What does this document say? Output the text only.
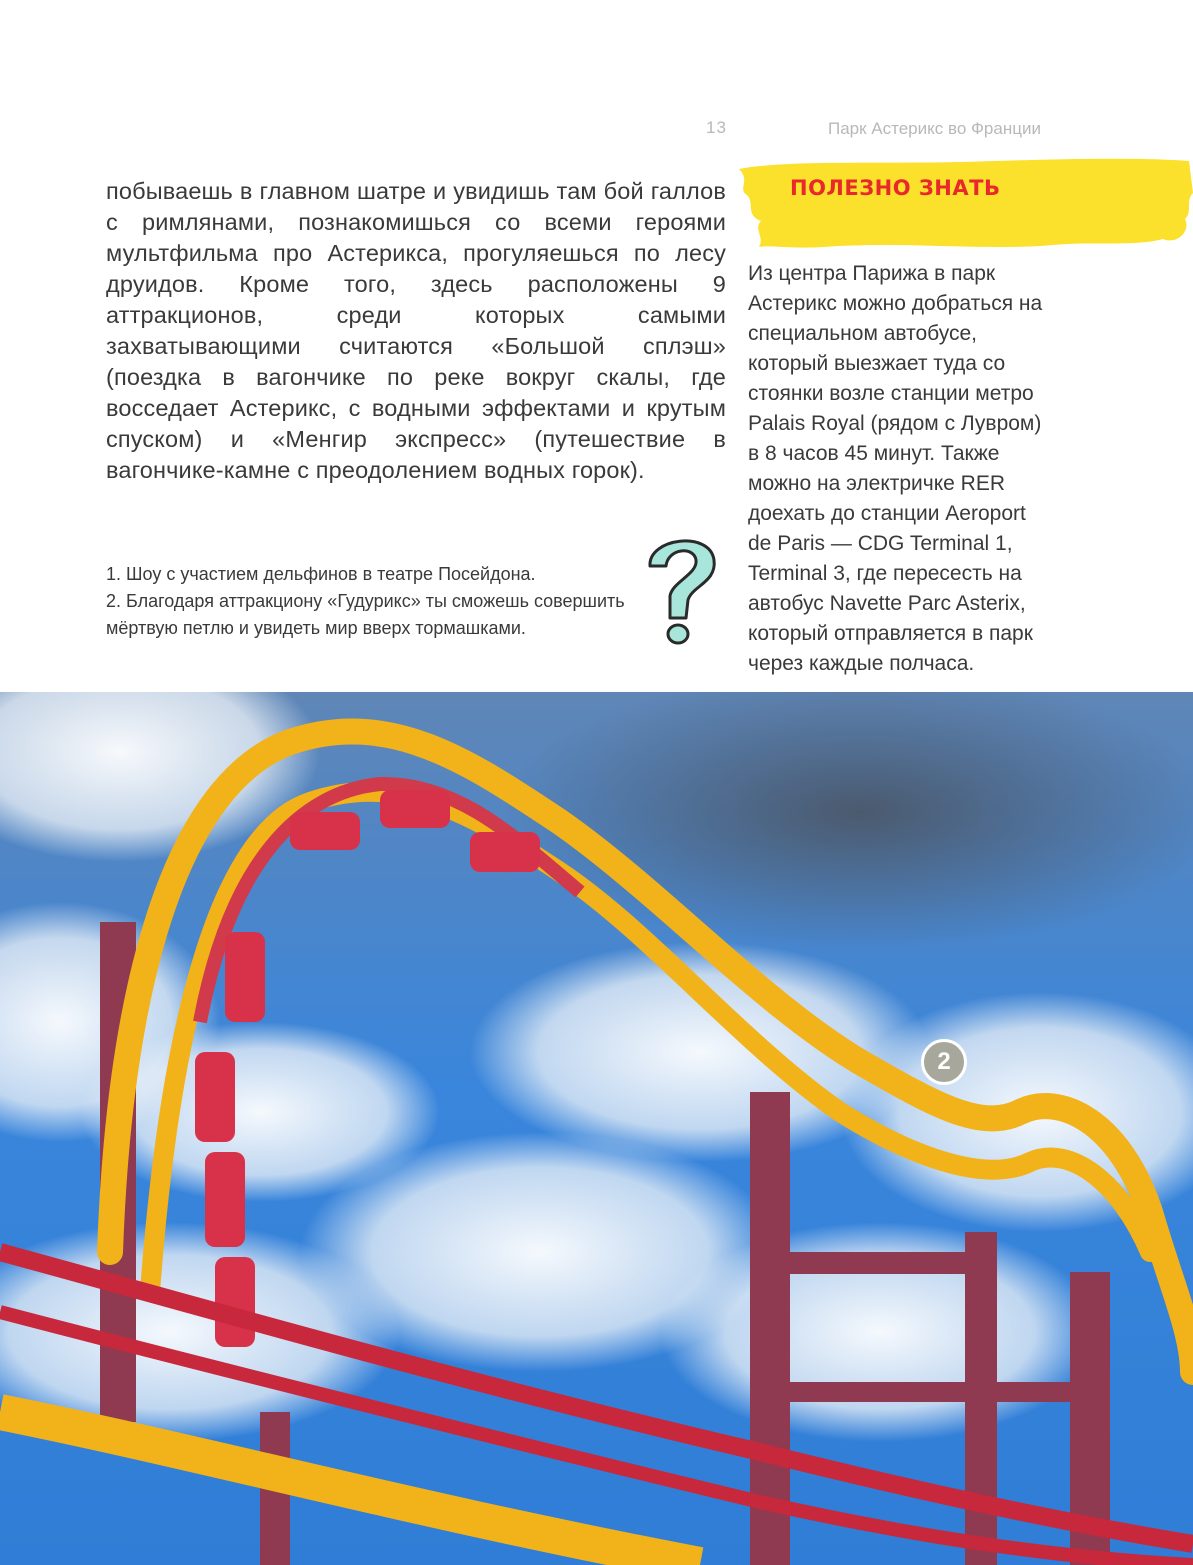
13	Парк Астерикс во Франции

побываешь в главном шатре и увидишь там бой галлов с римлянами, познакомишься со всеми героями мультфильма про Астерикса, прогуляешься по лесу друидов. Кроме того, здесь расположены 9 аттракционов, среди которых самыми захватывающими считаются «Большой сплэш» (поездка в вагончике по реке вокруг скалы, где восседает Астерикс, с водными эффектами и крутым спуском) и «Менгир экспресс» (путешествие в вагончике-камне с преодолением водных горок).

1. Шоу с участием дельфинов в театре Посейдона.

2. Благодаря аттракциону «Гудурикс» ты сможешь совершить мёртвую петлю и увидеть мир вверх тормашками.

ПОЛЕЗНО ЗНАТЬ

Из центра Парижа в парк Астерикс можно добраться на специальном автобусе, который выезжает туда со стоянки возле станции метро Palais Royal (рядом с Лувром) в 8 часов 45 минут. Также можно на электричке RER доехать до станции Aeroport de Paris — CDG Terminal 1, Terminal 3, где пересесть на автобус Navette Parc Asterix, который отправляется в парк через каждые полчаса.

2
